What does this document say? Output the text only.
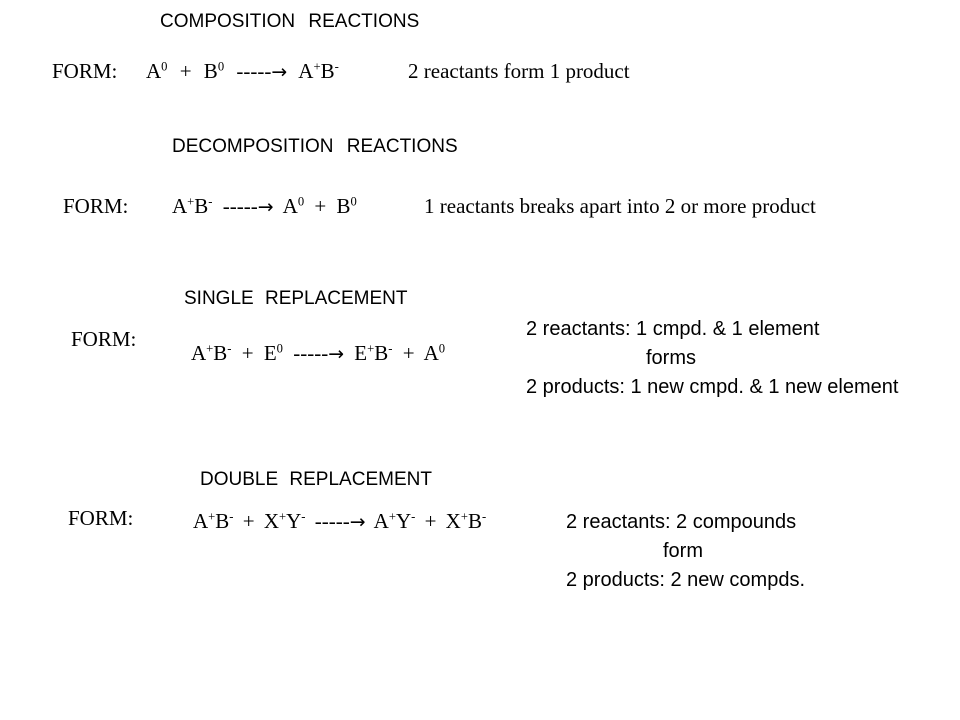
COMPOSITION REACTIONS
FORM: $A^0 + B^0$ -----→ A+B-	2 reactants form 1 product
DECOMPOSITION REACTIONS
FORM: A+B- -----→ $A^0 + B^0$	1 reactants breaks apart into 2 or more product
SINGLE REPLACEMENT
FORM:
$A^+B^- + E^0$ -----→ $E^+B^- + A^0$
2 reactants: 1 cmpd. & 1 element
forms
2 products: 1 new cmpd. & 1 new element
DOUBLE REPLACEMENT
FORM:	A+B- + X+Y- -----→ A+Y- + X+B-	2 reactants: 2 compounds
form
2 products: 2 new compds.
